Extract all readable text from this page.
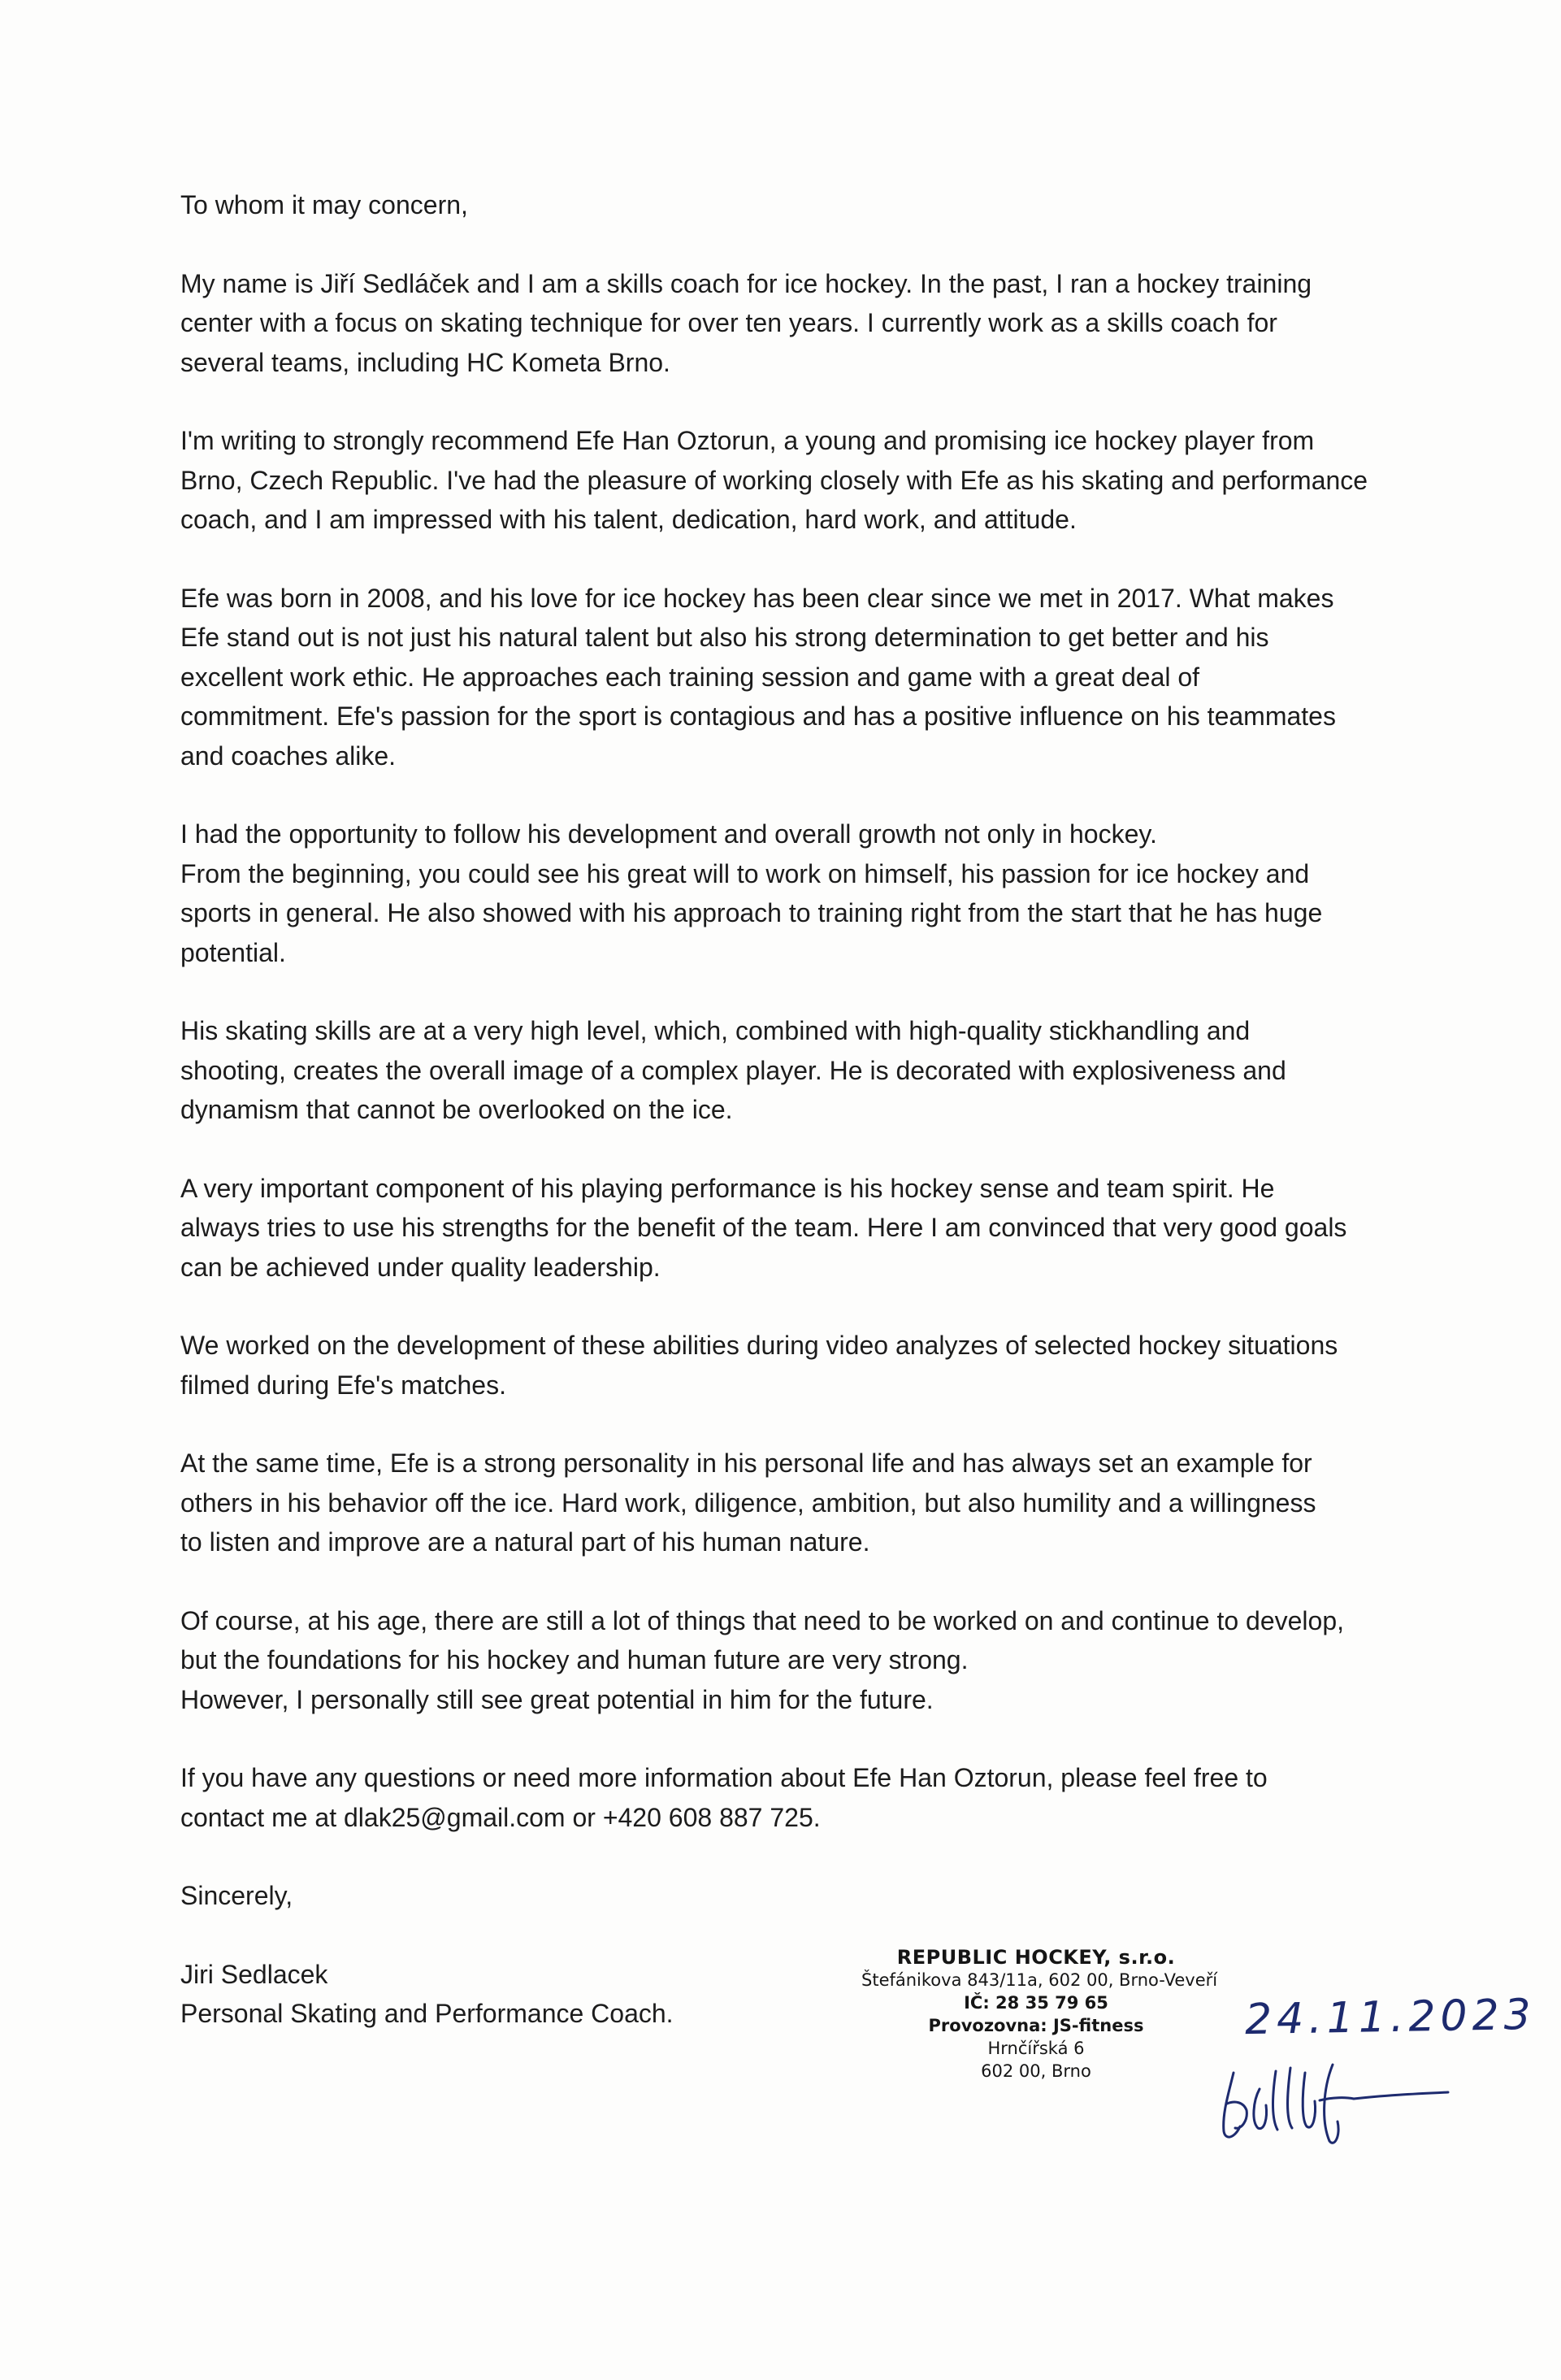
To whom it may concern,
My name is Jiří Sedláček and I am a skills coach for ice hockey. In the past, I ran a hockey training
center with a focus on skating technique for over ten years. I currently work as a skills coach for
several teams, including HC Kometa Brno.
I'm writing to strongly recommend Efe Han Oztorun, a young and promising ice hockey player from
Brno, Czech Republic. I've had the pleasure of working closely with Efe as his skating and performance
coach, and I am impressed with his talent, dedication, hard work, and attitude.
Efe was born in 2008, and his love for ice hockey has been clear since we met in 2017. What makes
Efe stand out is not just his natural talent but also his strong determination to get better and his
excellent work ethic. He approaches each training session and game with a great deal of
commitment. Efe's passion for the sport is contagious and has a positive influence on his teammates
and coaches alike.
I had the opportunity to follow his development and overall growth not only in hockey.
From the beginning, you could see his great will to work on himself, his passion for ice hockey and
sports in general. He also showed with his approach to training right from the start that he has huge
potential.
His skating skills are at a very high level, which, combined with high-quality stickhandling and
shooting, creates the overall image of a complex player. He is decorated with explosiveness and
dynamism that cannot be overlooked on the ice.
A very important component of his playing performance is his hockey sense and team spirit. He
always tries to use his strengths for the benefit of the team. Here I am convinced that very good goals
can be achieved under quality leadership.
We worked on the development of these abilities during video analyzes of selected hockey situations
filmed during Efe's matches.
At the same time, Efe is a strong personality in his personal life and has always set an example for
others in his behavior off the ice. Hard work, diligence, ambition, but also humility and a willingness
to listen and improve are a natural part of his human nature.
Of course, at his age, there are still a lot of things that need to be worked on and continue to develop,
but the foundations for his hockey and human future are very strong.
However, I personally still see great potential in him for the future.
If you have any questions or need more information about Efe Han Oztorun, please feel free to
contact me at dlak25@gmail.com or +420 608 887 725.
Sincerely,
Jiri Sedlacek
Personal Skating and Performance Coach.
REPUBLIC HOCKEY, s.r.o.
Štefánikova 843/11a, 602 00, Brno-Veveří
IČ: 28 35 79 65
Provozovna: JS-fitness
Hrnčířská 6
602 00, Brno
24.11.2023
